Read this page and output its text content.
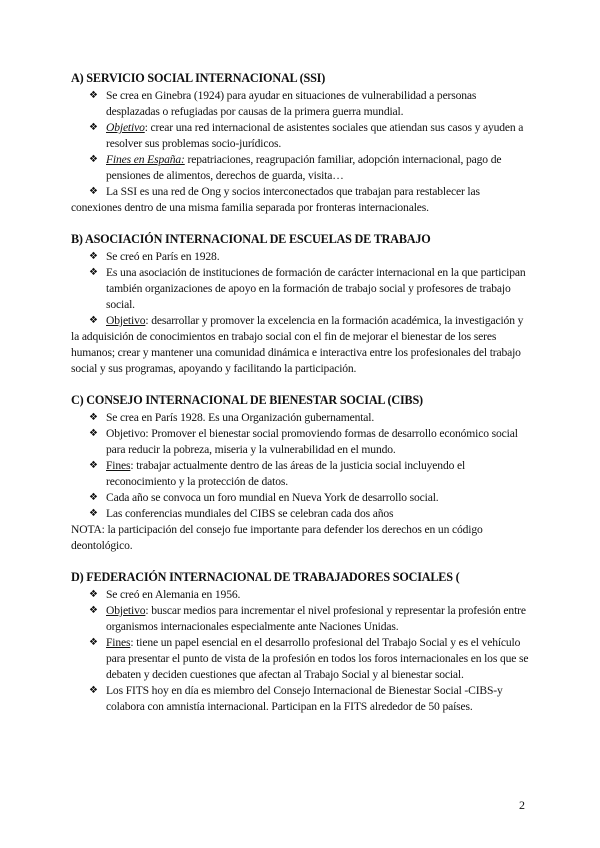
A) SERVICIO SOCIAL INTERNACIONAL (SSI)
❖ Se crea en Ginebra (1924) para ayudar en situaciones de vulnerabilidad a personas desplazadas o refugiadas por causas de la primera guerra mundial.
❖ Objetivo: crear una red internacional de asistentes sociales que atiendan sus casos y ayuden a resolver sus problemas socio-jurídicos.
❖ Fines en España: repatriaciones, reagrupación familiar, adopción internacional, pago de pensiones de alimentos, derechos de guarda, visita…
❖ La SSI es una red de Ong y socios interconectados que trabajan para restablecer las conexiones dentro de una misma familia separada por fronteras internacionales.
B) ASOCIACIÓN INTERNACIONAL DE ESCUELAS DE TRABAJO
❖ Se creó en París en 1928.
❖ Es una asociación de instituciones de formación de carácter internacional en la que participan también organizaciones de apoyo en la formación de trabajo social y profesores de trabajo social.
❖ Objetivo: desarrollar y promover la excelencia en la formación académica, la investigación y la adquisición de conocimientos en trabajo social con el fin de mejorar el bienestar de los seres humanos; crear y mantener una comunidad dinámica e interactiva entre los profesionales del trabajo social y sus programas, apoyando y facilitando la participación.
C) CONSEJO INTERNACIONAL DE BIENESTAR SOCIAL (CIBS)
❖ Se crea en París 1928. Es una Organización gubernamental.
❖ Objetivo: Promover el bienestar social promoviendo formas de desarrollo económico social para reducir la pobreza, miseria y la vulnerabilidad en el mundo.
❖ Fines: trabajar actualmente dentro de las áreas de la justicia social incluyendo el reconocimiento y la protección de datos.
❖ Cada año se convoca un foro mundial en Nueva York de desarrollo social.
❖ Las conferencias mundiales del CIBS se celebran cada dos años

NOTA: la participación del consejo fue importante para defender los derechos en un código deontológico.

D) FEDERACIÓN INTERNACIONAL DE TRABAJADORES SOCIALES (
❖ Se creó en Alemania en 1956.
❖ Objetivo: buscar medios para incrementar el nivel profesional y representar la profesión entre organismos internacionales especialmente ante Naciones Unidas.
❖ Fines: tiene un papel esencial en el desarrollo profesional del Trabajo Social y es el vehículo para presentar el punto de vista de la profesión en todos los foros internacionales en los que se debaten y deciden cuestiones que afectan al Trabajo Social y al bienestar social.
❖ Los FITS hoy en día es miembro del Consejo Internacional de Bienestar Social -CIBS-y colabora con amnistía internacional. Participan en la FITS alrededor de 50 países.
2
